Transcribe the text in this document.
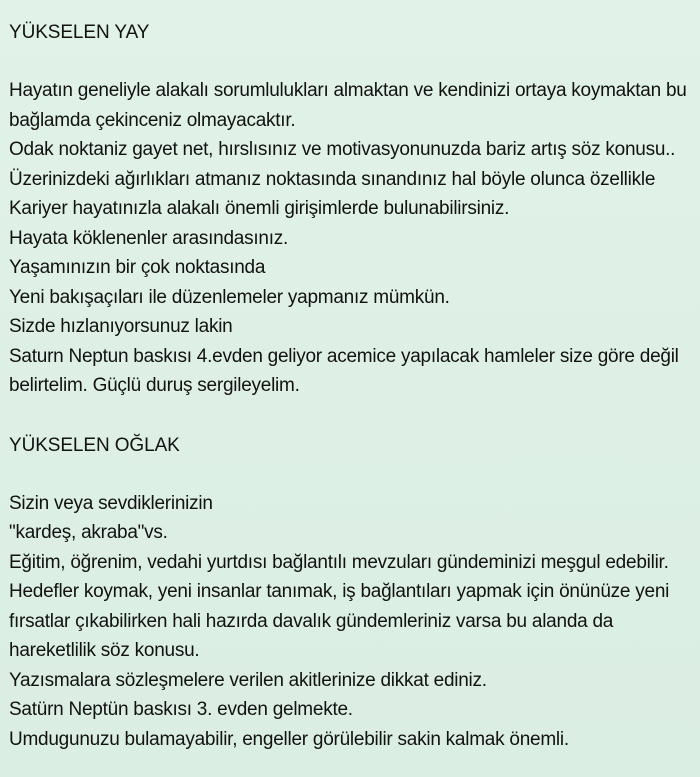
YÜKSELEN YAY
Hayatın geneliyle alakalı sorumlulukları almaktan ve kendinizi ortaya koymaktan bu
bağlamda çekinceniz olmayacaktır.
Odak noktaniz gayet net, hırslısınız ve motivasyonunuzda bariz artış söz konusu..
Üzerinizdeki ağırlıkları atmanız noktasında sınandınız hal böyle olunca özellikle
Kariyer hayatınızla alakalı önemli girişimlerde bulunabilirsiniz.
Hayata köklenenler arasındasınız.
Yaşamınızın bir çok noktasında
Yeni bakışaçıları ile düzenlemeler yapmanız mümkün.
Sizde hızlanıyorsunuz lakin
Saturn Neptun baskısı 4.evden geliyor acemice yapılacak hamleler size göre değil
belirtelim. Güçlü duruş sergileyelim.
YÜKSELEN OĞLAK
Sizin veya sevdiklerinizin
"kardeş, akraba"vs.
Eğitim, öğrenim, vedahi yurtdısı bağlantılı mevzuları gündeminizi meşgul edebilir.
Hedefler koymak, yeni insanlar tanımak, iş bağlantıları yapmak için önünüze yeni
fırsatlar çıkabilirken hali hazırda davalık gündemleriniz varsa bu alanda da
hareketlilik söz konusu.
Yazısmalara sözleşmelere verilen akitlerinize dikkat ediniz.
Satürn Neptün baskısı 3. evden gelmekte.
Umdugunuzu bulamayabilir, engeller görülebilir sakin kalmak önemli.
